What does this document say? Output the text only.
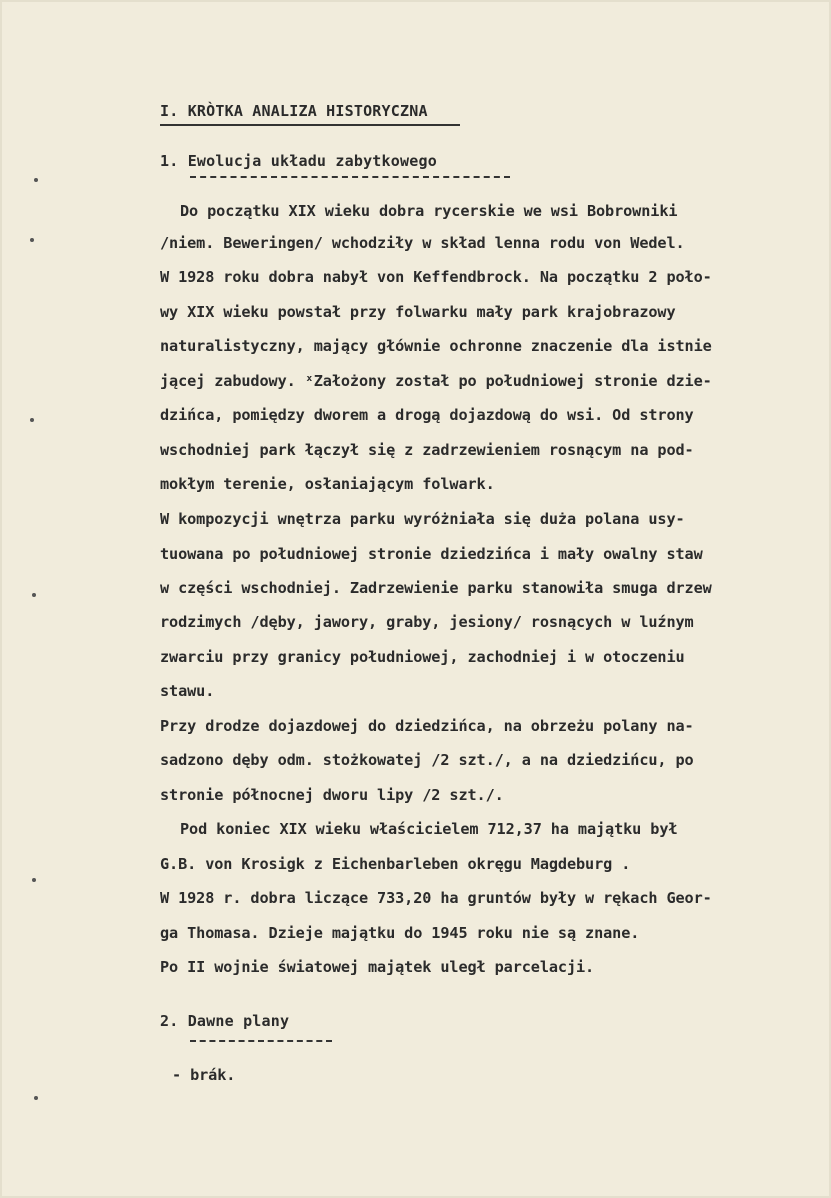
I. KRÒTKA ANALIZA HISTORYCZNA
1. Ewolucja układu zabytkowego
Do początku XIX wieku dobra rycerskie we wsi Bobrowniki
/niem. Beweringen/ wchodziły w skład lenna rodu von Wedel.
W 1928 roku dobra nabył von Keffendbrock. Na początku 2 poło-
wy XIX wieku powstał przy folwarku mały park krajobrazowy
naturalistyczny, mający głównie ochronne znaczenie dla istnie
jącej zabudowy. ˣZałożony został po południowej stronie dzie-
dzińca, pomiędzy dworem a drogą dojazdową do wsi. Od strony
wschodniej park łączył się z zadrzewieniem rosnącym na pod-
mokłym terenie, osłaniającym folwark.
W kompozycji wnętrza parku wyróżniała się duża polana usy-
tuowana po południowej stronie dziedzińca i mały owalny staw
w części wschodniej. Zadrzewienie parku stanowiła smuga drzew
rodzimych /dęby, jawory, graby, jesiony/ rosnących w luźnym
zwarciu przy granicy południowej, zachodniej i w otoczeniu
stawu.
Przy drodze dojazdowej do dziedzińca, na obrzeżu polany na-
sadzono dęby odm. stożkowatej /2 szt./, a na dziedzińcu, po
stronie północnej dworu lipy /2 szt./.
Pod koniec XIX wieku właścicielem 712,37 ha majątku był
G.B. von Krosigk z Eichenbarleben okręgu Magdeburg .
W 1928 r. dobra liczące 733,20 ha gruntów były w rękach Geor-
ga Thomasa. Dzieje majątku do 1945 roku nie są znane.
Po II wojnie światowej majątek uległ parcelacji.
2. Dawne plany
- brák.
